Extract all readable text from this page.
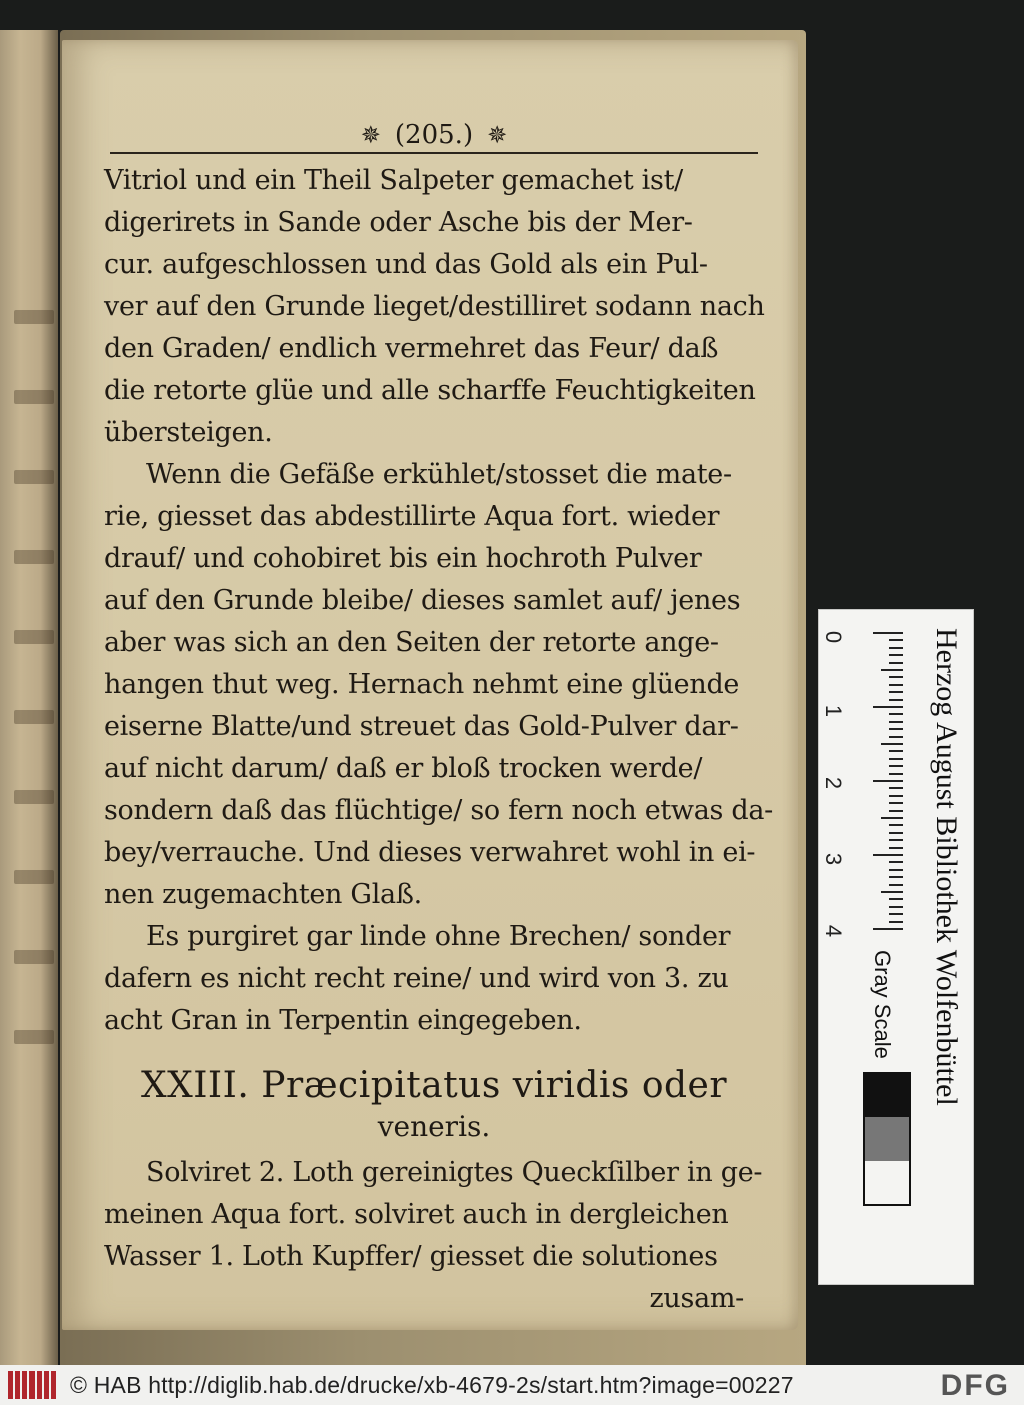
✵ (205.) ✵
Vitriol und ein Theil Salpeter gemachet ist/
digerirets in Sande oder Asche bis der Mer-
cur. aufgeschlossen und das Gold als ein Pul-
ver auf den Grunde lieget/destilliret sodann nach
den Graden/ endlich vermehret das Feur/ daß
die retorte glüe und alle scharffe Feuchtigkeiten
übersteigen.
Wenn die Gefäße erkühlet/stosset die mate-
rie, giesset das abdestillirte Aqua fort. wieder
drauf/ und cohobiret bis ein hochroth Pulver
auf den Grunde bleibe/ dieses samlet auf/ jenes
aber was sich an den Seiten der retorte ange-
hangen thut weg. Hernach nehmt eine glüende
eiserne Blatte/und streuet das Gold-Pulver dar-
auf nicht darum/ daß er bloß trocken werde/
sondern daß das flüchtige/ so fern noch etwas da-
bey/verrauche. Und dieses verwahret wohl in ei-
nen zugemachten Glaß.
Es purgiret gar linde ohne Brechen/ sonder
dafern es nicht recht reine/ und wird von 3. zu
acht Gran in Terpentin eingegeben.
XXIII. Præcipitatus viridis oder
veneris.
Solviret 2. Loth gereinigtes Queckſilber in ge-
meinen Aqua fort. solviret auch in dergleichen
Wasser 1. Loth Kupffer/ giesset die solutiones
zusam-
0
1
2
3
4	Herzog August Bibliothek Wolfenbüttel
Gray Scale
© HAB http://diglib.hab.de/drucke/xb-4679-2s/start.htm?image=00227	DFG
